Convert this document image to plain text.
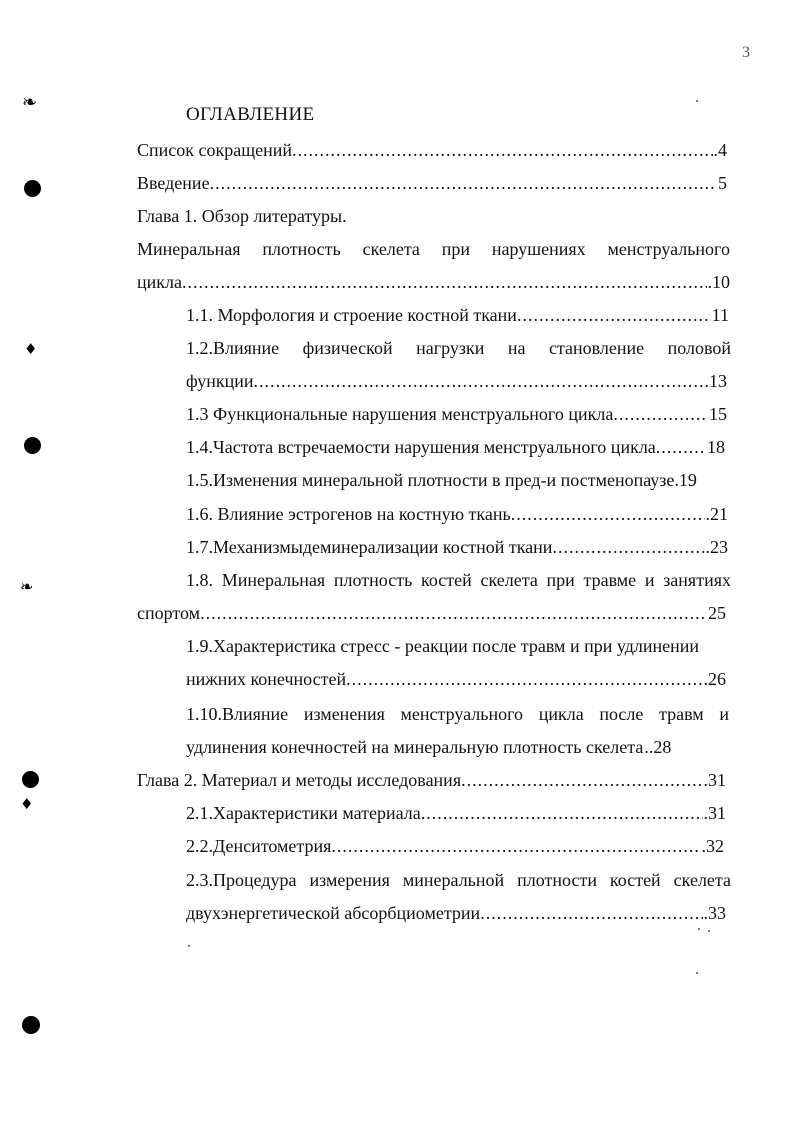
3
ОГЛАВЛЕНИЕ
Список сокращений .....	.4
Введение .....	5
Глава 1. Обзор литературы.
Минеральная плотность скелета при нарушениях менструального
цикла .....	.10
1.1. Морфология и строение костной ткани .....	11
1.2.Влияние физической нагрузки на становление половой
функции .....	.13
1.3 Функциональные нарушения менструального цикла .....	15
1.4.Частота встречаемости нарушения менструального цикла .....	18
1.5.Изменения минеральной плотности в пред-и постменопаузе.19
1.6. Влияние эстрогенов на костную ткань .....	.21
1.7.Механизмыдеминерализации костной ткани .....	.23
1.8. Минеральная плотность костей скелета при травме и занятиях
спортом .....	25
1.9.Характеристика стресс - реакции после травм и при удлинении
нижних конечностей .....	.26
1.10.Влияние изменения менструального цикла после травм и
удлинения конечностей на минеральную плотность скелета ..28
Глава 2. Материал и методы исследования .....	.31
2.1.Характеристики материала .....	.31
2.2.Денситометрия .....	.32
2.3.Процедура измерения минеральной плотности костей скелета
двухэнергетической абсорбциометрии .....	.33
❧
♦
❧
♦
